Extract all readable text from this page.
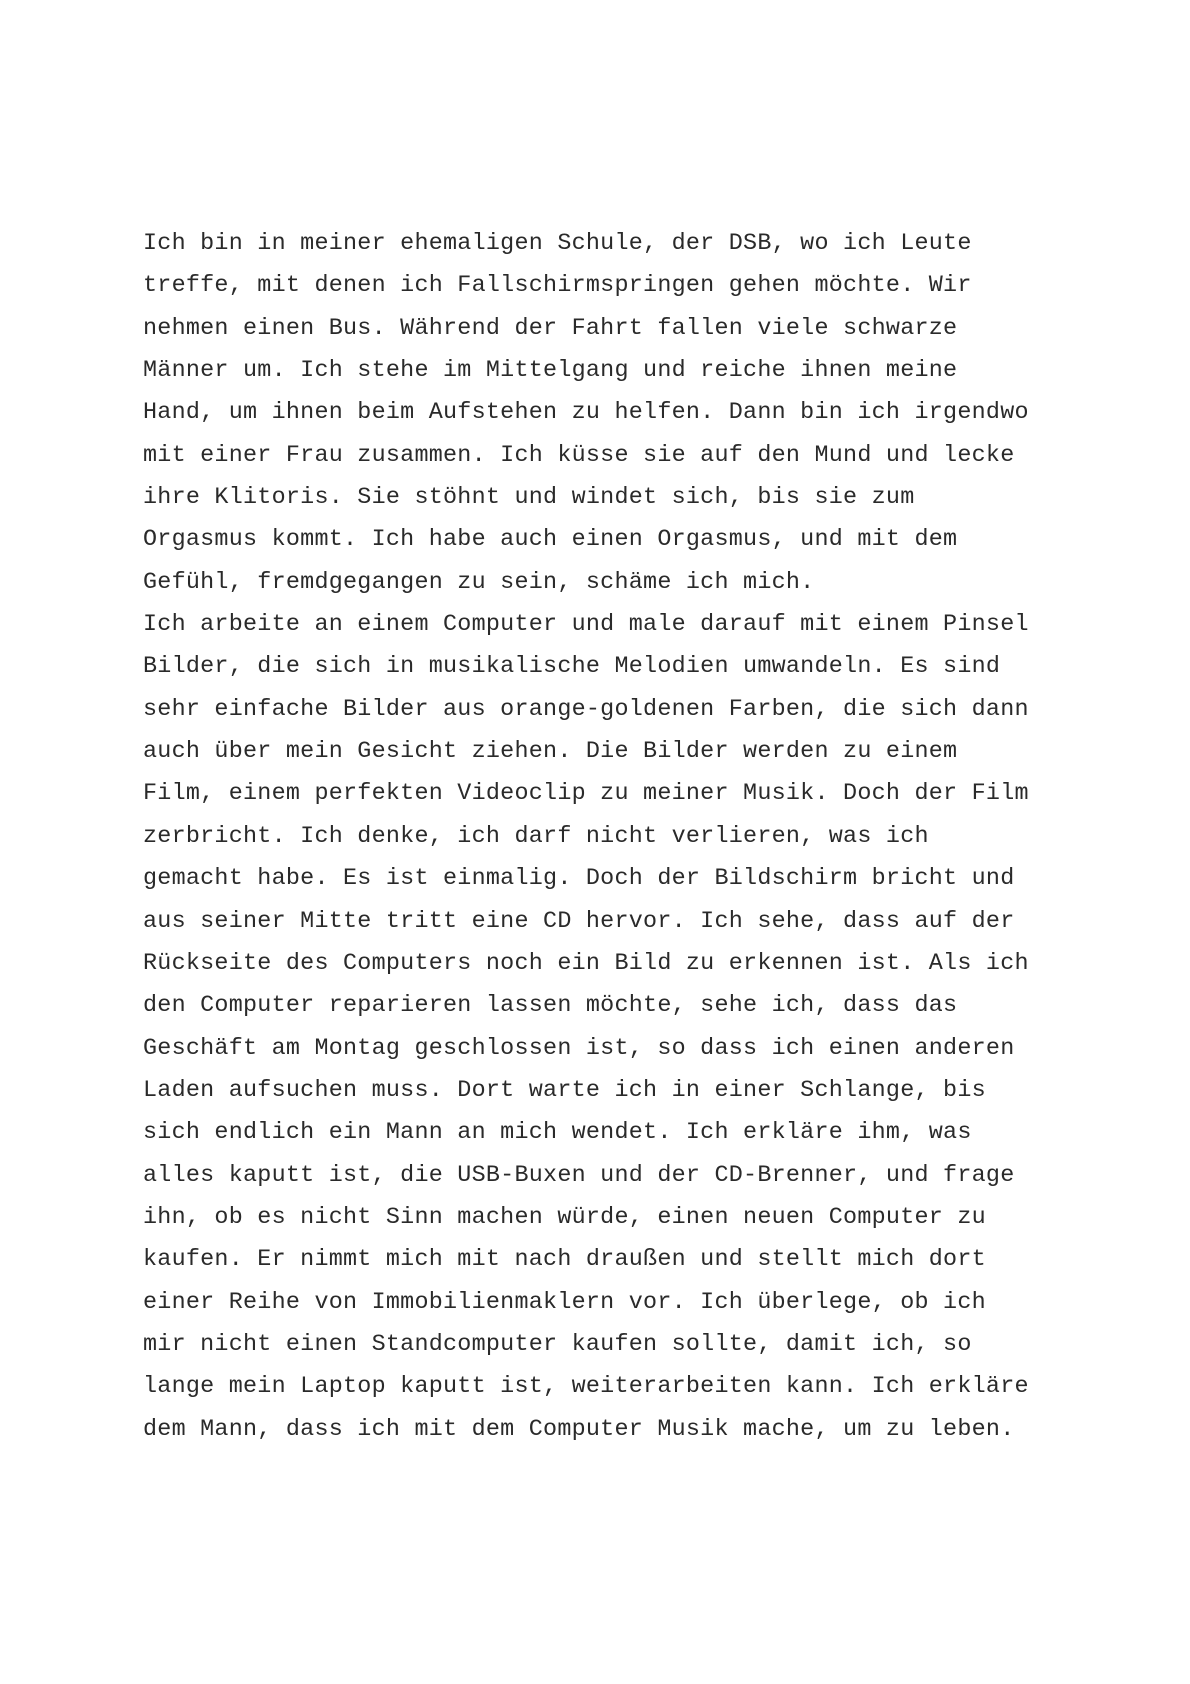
Ich bin in meiner ehemaligen Schule, der DSB, wo ich Leute
treffe, mit denen ich Fallschirmspringen gehen möchte. Wir
nehmen einen Bus. Während der Fahrt fallen viele schwarze
Männer um. Ich stehe im Mittelgang und reiche ihnen meine
Hand, um ihnen beim Aufstehen zu helfen. Dann bin ich irgendwo
mit einer Frau zusammen. Ich küsse sie auf den Mund und lecke
ihre Klitoris. Sie stöhnt und windet sich, bis sie zum
Orgasmus kommt. Ich habe auch einen Orgasmus, und mit dem
Gefühl, fremdgegangen zu sein, schäme ich mich.
Ich arbeite an einem Computer und male darauf mit einem Pinsel
Bilder, die sich in musikalische Melodien umwandeln. Es sind
sehr einfache Bilder aus orange-goldenen Farben, die sich dann
auch über mein Gesicht ziehen. Die Bilder werden zu einem
Film, einem perfekten Videoclip zu meiner Musik. Doch der Film
zerbricht. Ich denke, ich darf nicht verlieren, was ich
gemacht habe. Es ist einmalig. Doch der Bildschirm bricht und
aus seiner Mitte tritt eine CD hervor. Ich sehe, dass auf der
Rückseite des Computers noch ein Bild zu erkennen ist. Als ich
den Computer reparieren lassen möchte, sehe ich, dass das
Geschäft am Montag geschlossen ist, so dass ich einen anderen
Laden aufsuchen muss. Dort warte ich in einer Schlange, bis
sich endlich ein Mann an mich wendet. Ich erkläre ihm, was
alles kaputt ist, die USB-Buxen und der CD-Brenner, und frage
ihn, ob es nicht Sinn machen würde, einen neuen Computer zu
kaufen. Er nimmt mich mit nach draußen und stellt mich dort
einer Reihe von Immobilienmaklern vor. Ich überlege, ob ich
mir nicht einen Standcomputer kaufen sollte, damit ich, so
lange mein Laptop kaputt ist, weiterarbeiten kann. Ich erkläre
dem Mann, dass ich mit dem Computer Musik mache, um zu leben.
